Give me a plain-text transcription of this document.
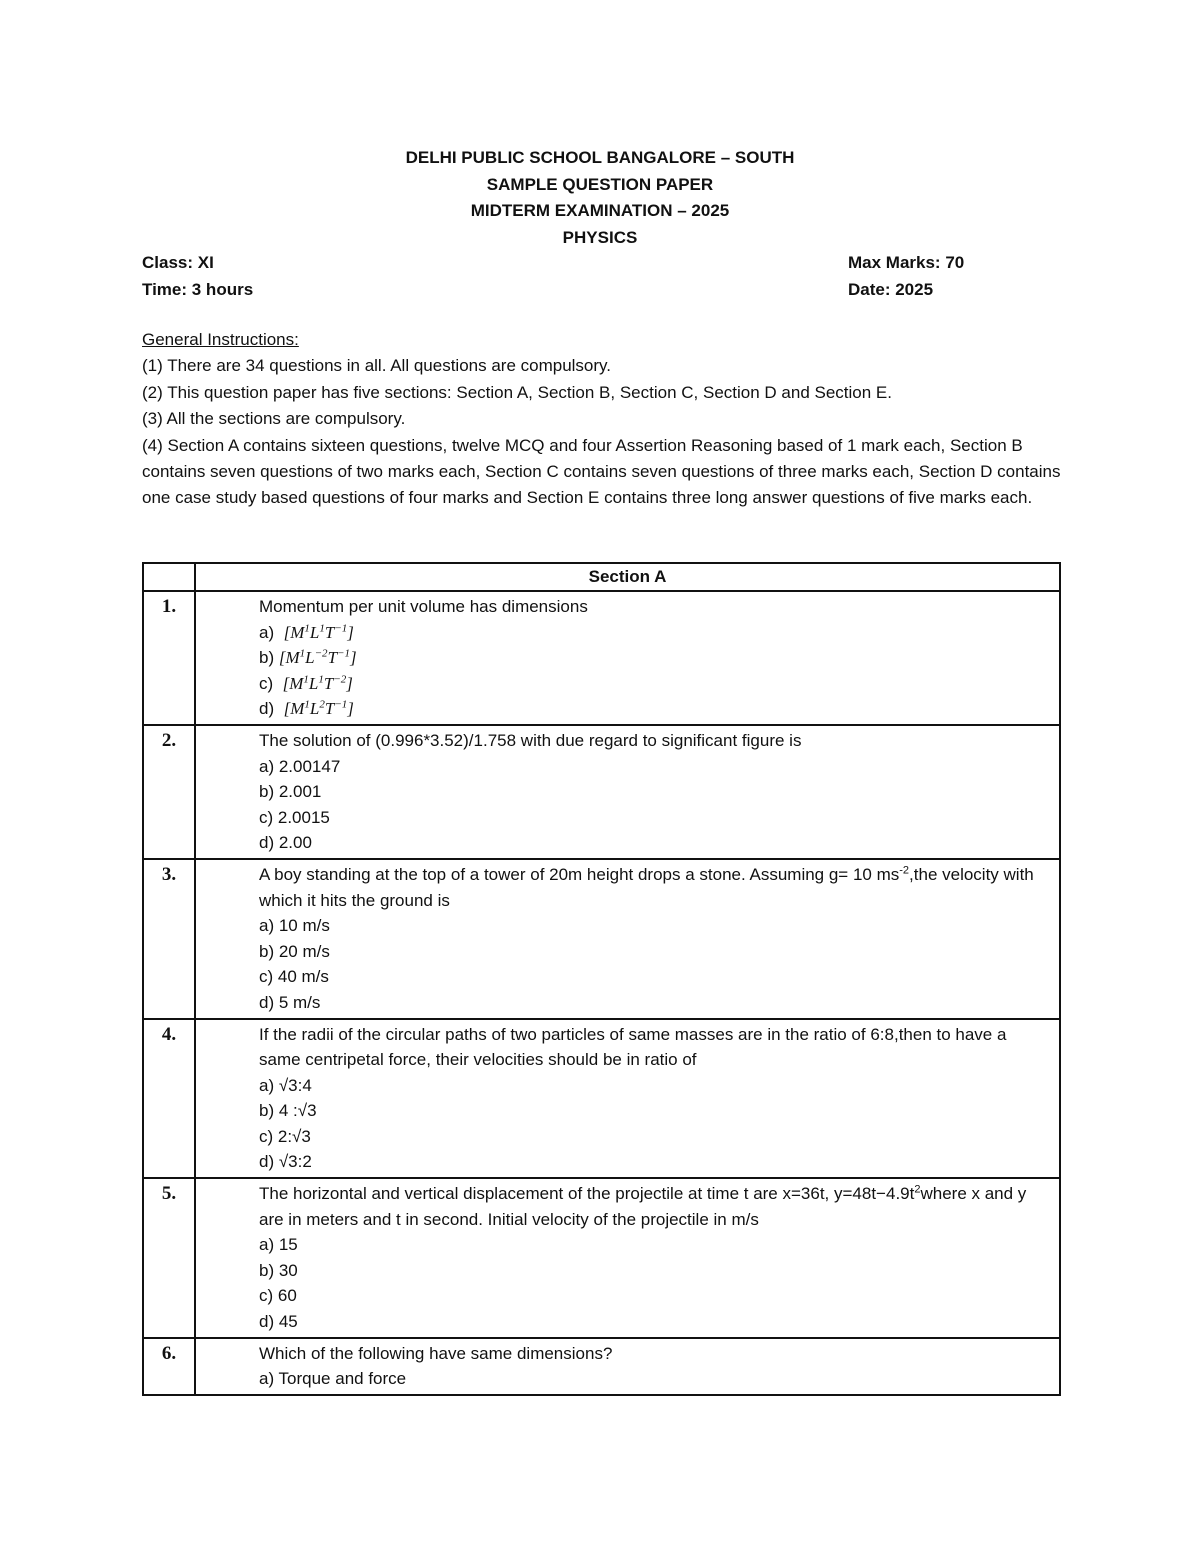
DELHI PUBLIC SCHOOL BANGALORE – SOUTH
SAMPLE QUESTION PAPER
MIDTERM EXAMINATION – 2025
PHYSICS
Class: XI
Time: 3 hours
Max Marks: 70
Date: 2025

General Instructions:

(1) There are 34 questions in all. All questions are compulsory.

(2) This question paper has five sections: Section A, Section B, Section C, Section D and Section E.

(3) All the sections are compulsory.

(4) Section A contains sixteen questions, twelve MCQ and four Assertion Reasoning based of 1 mark each, Section B contains seven questions of two marks each, Section C contains seven questions of three marks each, Section D contains one case study based questions of four marks and Section E contains three long answer questions of five marks each.

	Section A
1.	Momentum per unit volume has dimensions
a) $[M^1L^1T^{-1}]$
b) $[M^1L^{-2}T^{-1}]$
c) $[M^1L^1T^{-2}]$
d) $[M^1L^2T^{-1}]$

2.	The solution of (0.996*3.52)/1.758 with due regard to significant figure is
a) 2.00147
b) 2.001
c) 2.0015
d) 2.00

3.	A boy standing at the top of a tower of 20m height drops a stone. Assuming g= 10 $ms^{-2},the$ velocity with which it hits the ground is
a) 10 m/s
b) 20 m/s
c) 40 m/s
d) 5 m/s

4.	If the radii of the circular paths of two particles of same masses are in the ratio of 6:8,then to have a same centripetal force, their velocities should be in ratio of
a) √3:4
b) 4 :√3
c) 2:√3
d) √3:2

5.	The horizontal and vertical displacement of the projectile at time t are x=36t, $y=48t-4.9t^2where$ x and y are in meters and t in second. Initial velocity of the projectile in m/s
a) 15
b) 30
c) 60
d) 45

6.	Which of the following have same dimensions?
a) Torque and force
